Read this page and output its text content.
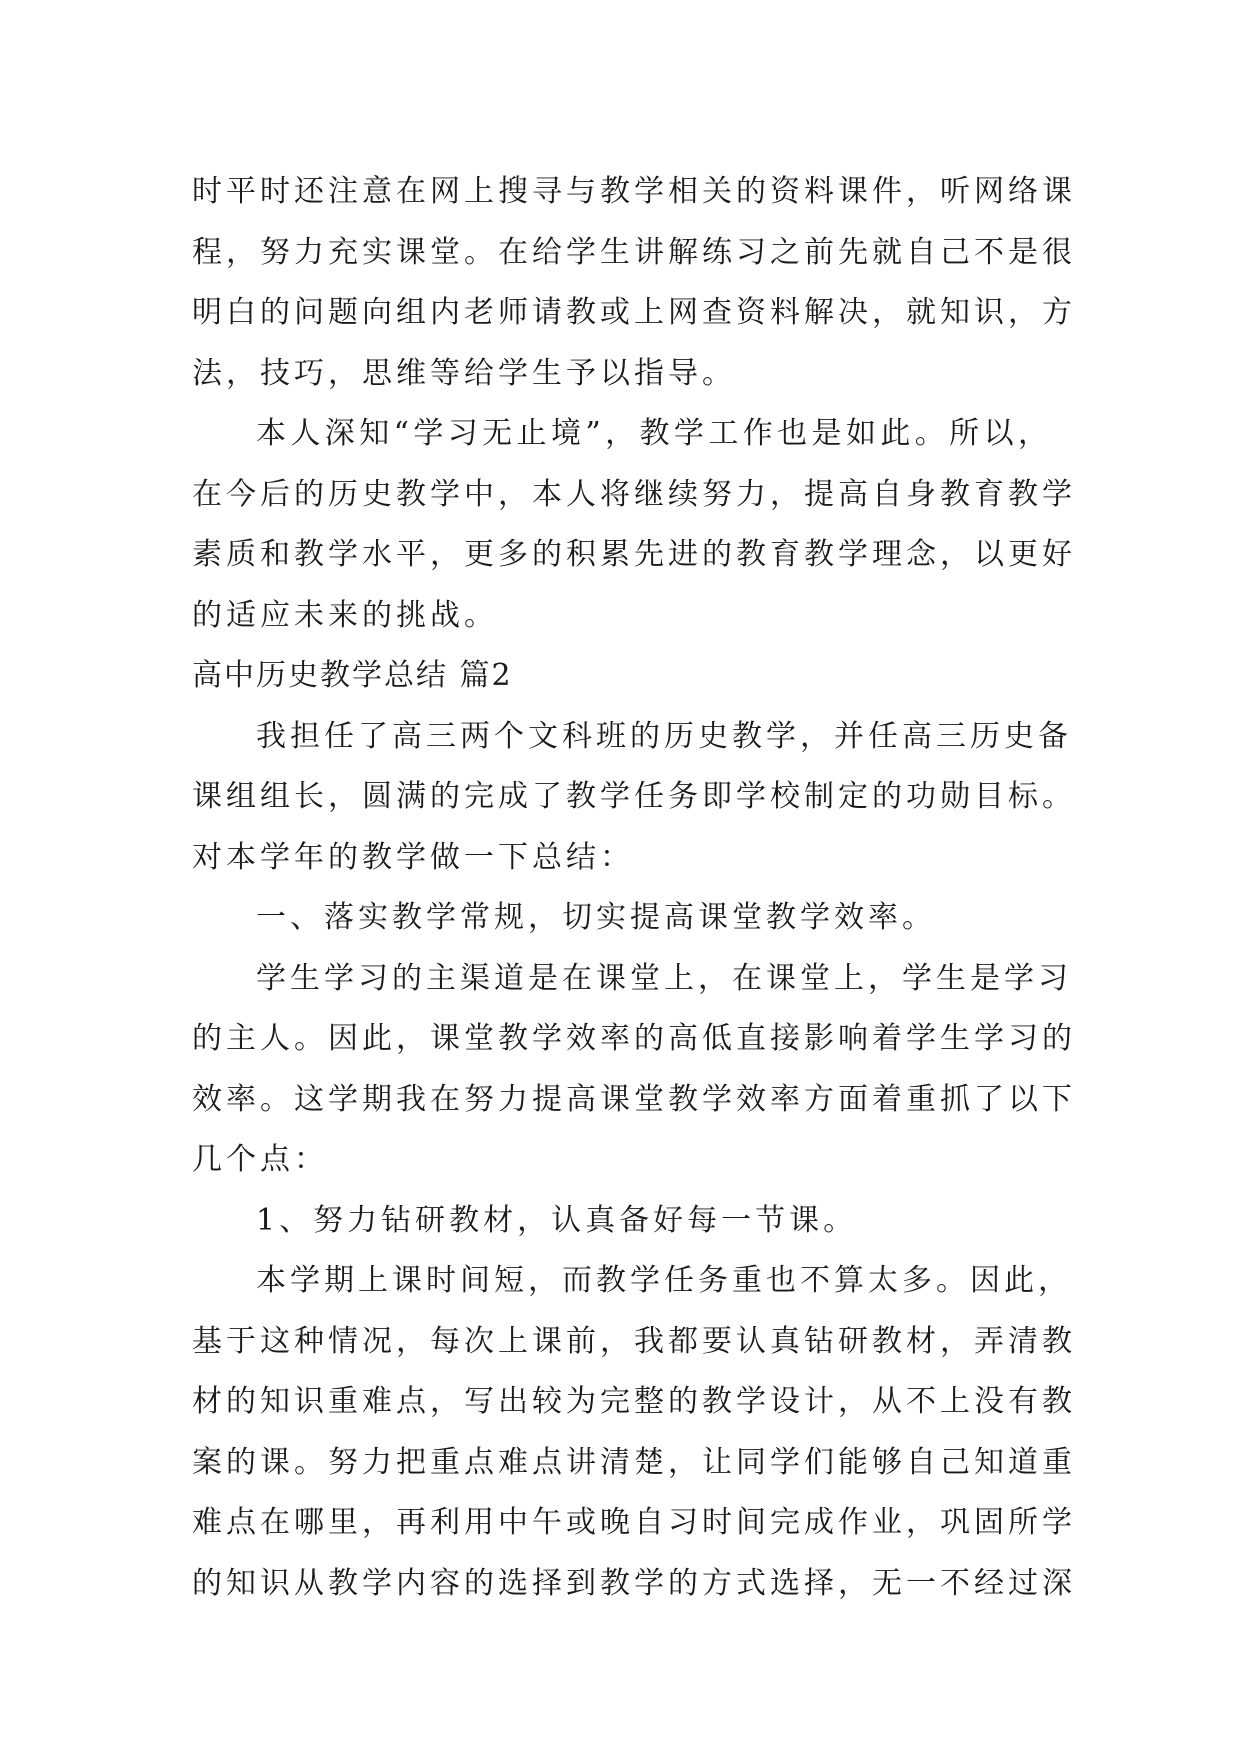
时平时还注意在网上搜寻与教学相关的资料课件，听网络课
程，努力充实课堂。在给学生讲解练习之前先就自己不是很
明白的问题向组内老师请教或上网查资料解决，就知识，方
法，技巧，思维等给学生予以指导。
本人深知“学习无止境”，教学工作也是如此。所以，
在今后的历史教学中，本人将继续努力，提高自身教育教学
素质和教学水平，更多的积累先进的教育教学理念，以更好
的适应未来的挑战。
高中历史教学总结 篇2
我担任了高三两个文科班的历史教学，并任高三历史备
课组组长，圆满的完成了教学任务即学校制定的功勋目标。
对本学年的教学做一下总结：
一、落实教学常规，切实提高课堂教学效率。
学生学习的主渠道是在课堂上，在课堂上，学生是学习
的主人。因此，课堂教学效率的高低直接影响着学生学习的
效率。这学期我在努力提高课堂教学效率方面着重抓了以下
几个点：
1、努力钻研教材，认真备好每一节课。
本学期上课时间短，而教学任务重也不算太多。因此，
基于这种情况，每次上课前，我都要认真钻研教材，弄清教
材的知识重难点，写出较为完整的教学设计，从不上没有教
案的课。努力把重点难点讲清楚，让同学们能够自己知道重
难点在哪里，再利用中午或晚自习时间完成作业，巩固所学
的知识从教学内容的选择到教学的方式选择，无一不经过深
